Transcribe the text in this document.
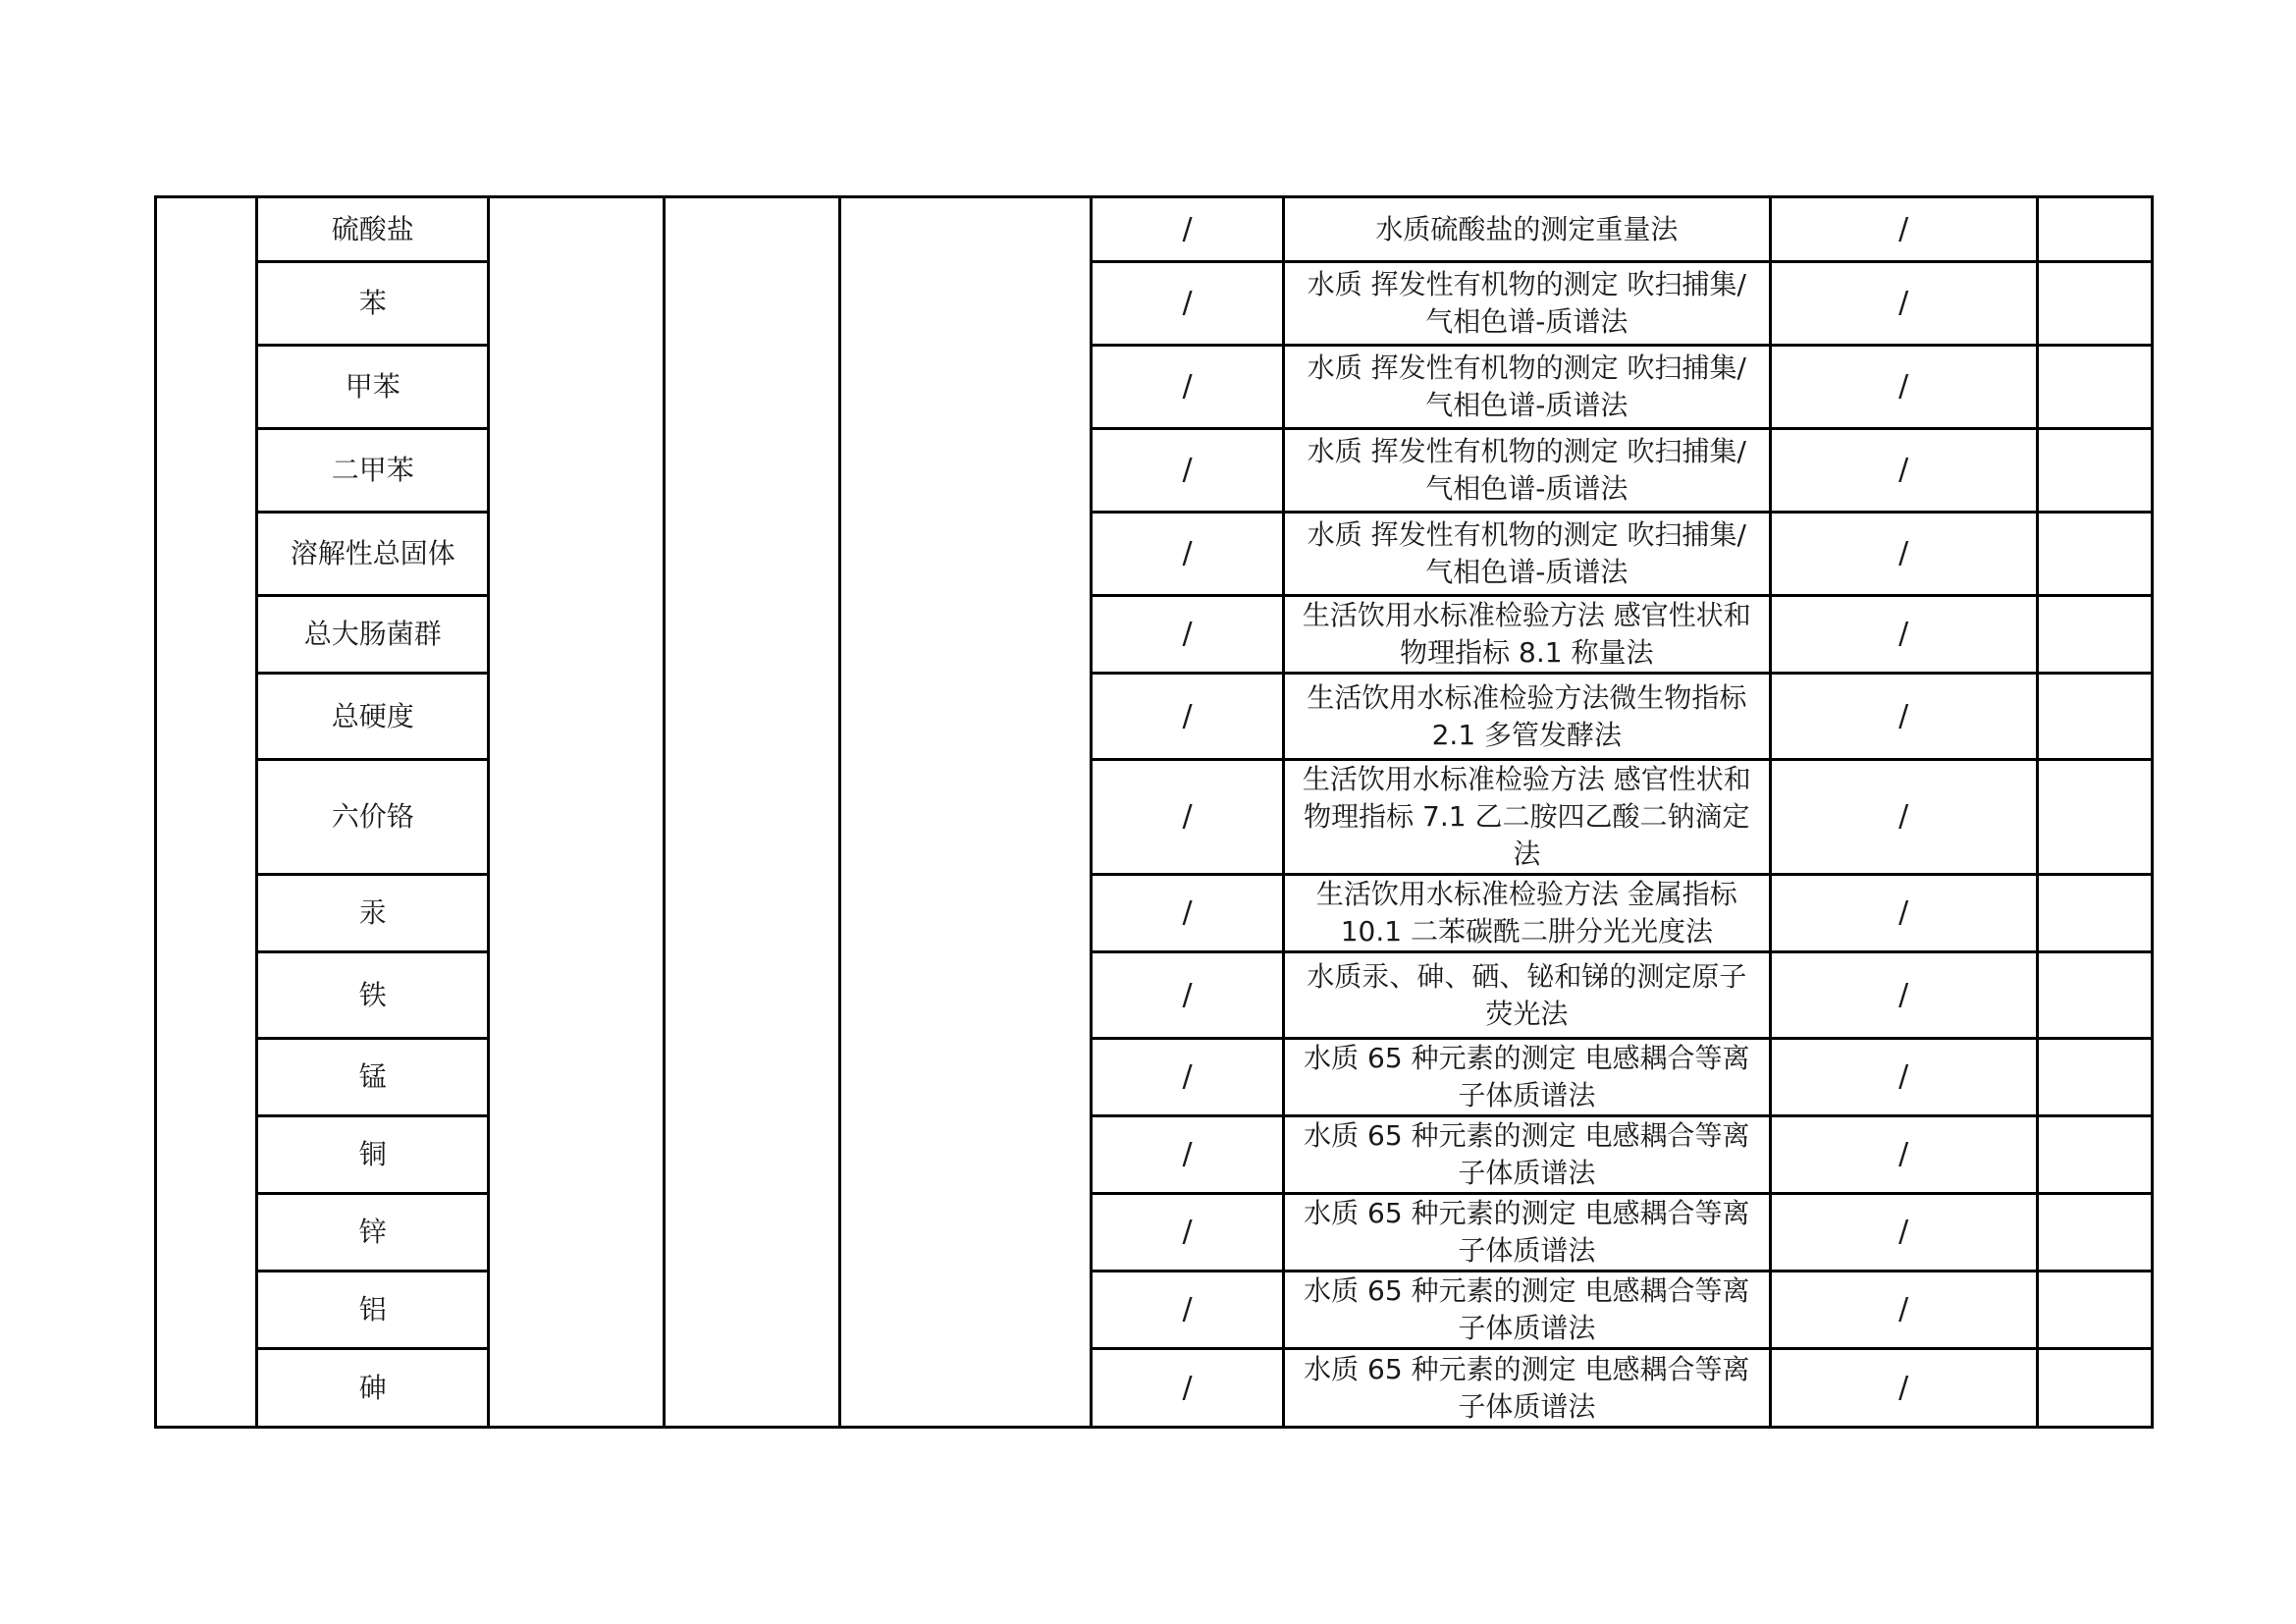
	硫酸盐				/	水质硫酸盐的测定重量法	/	
	苯				/	水质 挥发性有机物的测定 吹扫捕集/气相色谱-质谱法	/	
	甲苯				/	水质 挥发性有机物的测定 吹扫捕集/气相色谱-质谱法	/	
	二甲苯				/	水质 挥发性有机物的测定 吹扫捕集/气相色谱-质谱法	/	
	溶解性总固体				/	水质 挥发性有机物的测定 吹扫捕集/气相色谱-质谱法	/	
	总大肠菌群				/	生活饮用水标准检验方法 感官性状和物理指标 8.1 称量法	/	
	总硬度				/	生活饮用水标准检验方法微生物指标 2.1 多管发酵法	/	
	六价铬				/	生活饮用水标准检验方法 感官性状和物理指标 7.1 乙二胺四乙酸二钠滴定法	/	
	汞				/	生活饮用水标准检验方法 金属指标 10.1 二苯碳酰二肼分光光度法	/	
	铁				/	水质汞、砷、硒、铋和锑的测定原子荧光法	/	
	锰				/	水质 65 种元素的测定 电感耦合等离子体质谱法	/	
	铜				/	水质 65 种元素的测定 电感耦合等离子体质谱法	/	
	锌				/	水质 65 种元素的测定 电感耦合等离子体质谱法	/	
	铝				/	水质 65 种元素的测定 电感耦合等离子体质谱法	/	
	砷				/	水质 65 种元素的测定 电感耦合等离子体质谱法	/	
